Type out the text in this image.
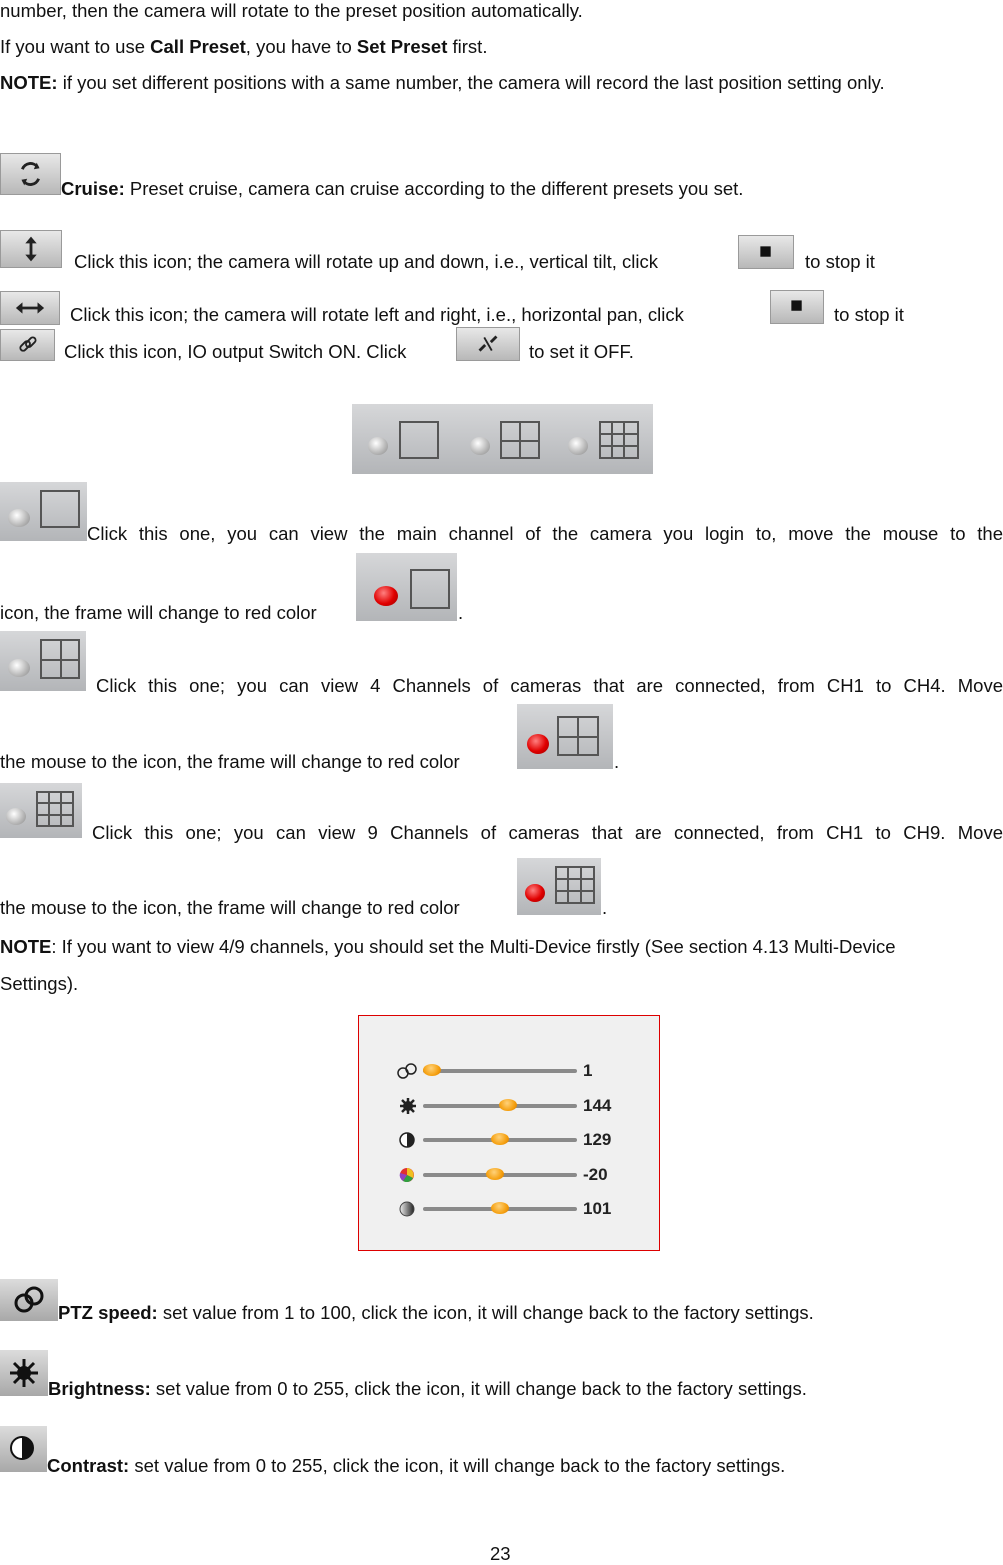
number, then the camera will rotate to the preset position automatically.
If you want to use Call Preset, you have to Set Preset first.
NOTE: if you set different positions with a same number, the camera will record the last position setting only.
Cruise: Preset cruise, camera can cruise according to the different presets you set.
Click this icon; the camera will rotate up and down, i.e., vertical tilt, click	to stop it
Click this icon; the camera will rotate left and right, i.e., horizontal pan, click	to stop it
Click this icon, IO output Switch ON. Click	to set it OFF.
Click this one, you can view the main channel of the camera you login to, move the mouse to the
icon, the frame will change to red color	.
Click this one; you can view 4 Channels of cameras that are connected, from CH1 to CH4. Move
the mouse to the icon, the frame will change to red color	.
Click this one; you can view 9 Channels of cameras that are connected, from CH1 to CH9. Move
the mouse to the icon, the frame will change to red color	.
NOTE: If you want to view 4/9 channels, you should set the Multi-Device firstly (See section 4.13 Multi-Device
Settings).
1
144
129
-20
101
PTZ speed: set value from 1 to 100, click the icon, it will change back to the factory settings.
Brightness: set value from 0 to 255, click the icon, it will change back to the factory settings.
Contrast: set value from 0 to 255, click the icon, it will change back to the factory settings.
23
